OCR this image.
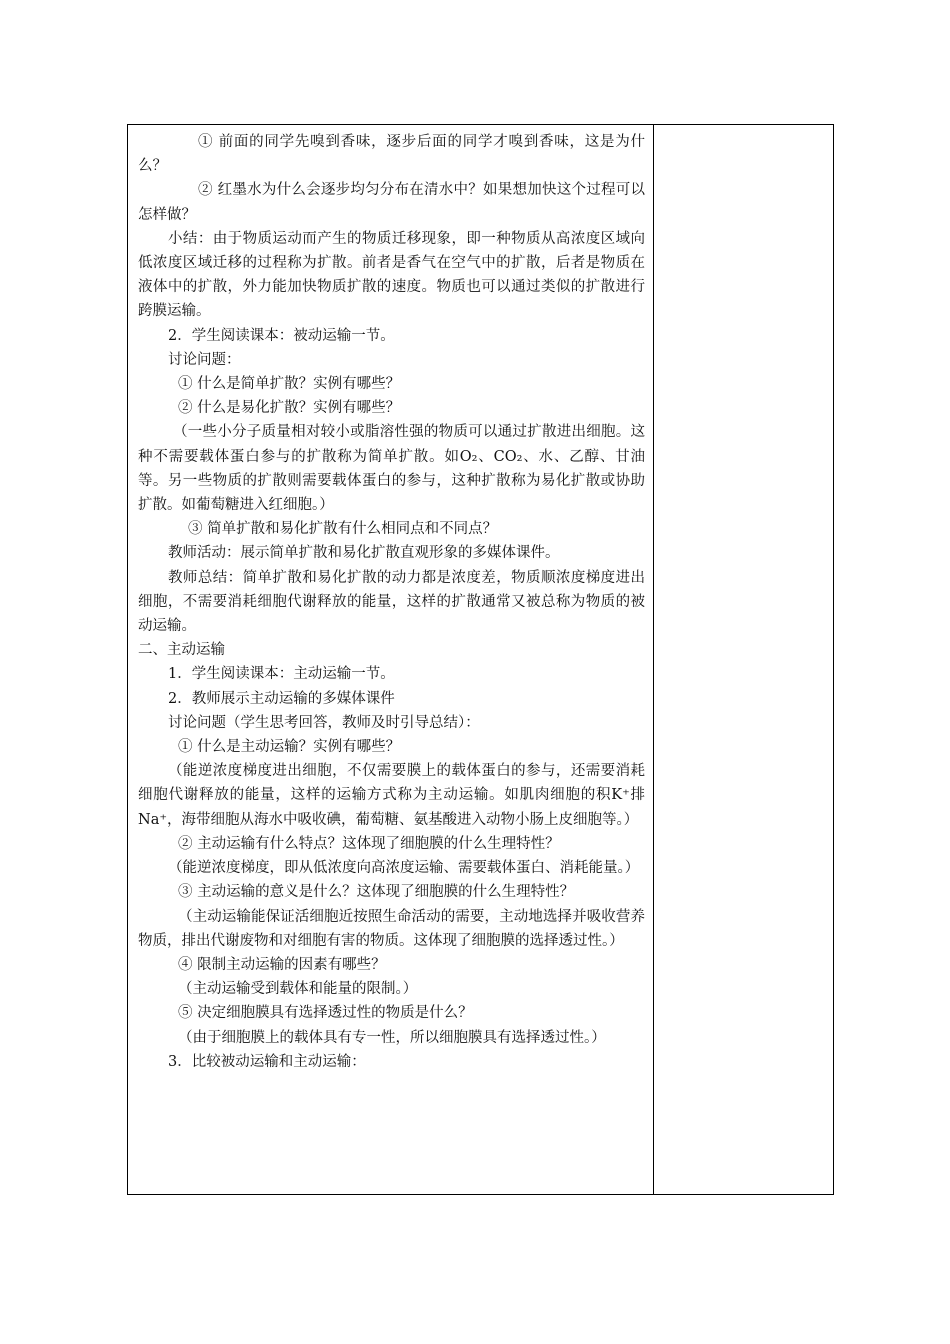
① 前面的同学先嗅到香味，逐步后面的同学才嗅到香味，这是为什么？

② 红墨水为什么会逐步均匀分布在清水中？如果想加快这个过程可以怎样做？

小结：由于物质运动而产生的物质迁移现象，即一种物质从高浓度区域向低浓度区域迁移的过程称为扩散。前者是香气在空气中的扩散，后者是物质在液体中的扩散，外力能加快物质扩散的速度。物质也可以通过类似的扩散进行跨膜运输。

2．学生阅读课本：被动运输一节。

讨论问题：

① 什么是简单扩散？实例有哪些？

② 什么是易化扩散？实例有哪些？

（一些小分子质量相对较小或脂溶性强的物质可以通过扩散进出细胞。这种不需要载体蛋白参与的扩散称为简单扩散。如O₂、CO₂、水、乙醇、甘油等。另一些物质的扩散则需要载体蛋白的参与，这种扩散称为易化扩散或协助扩散。如葡萄糖进入红细胞。）

③ 简单扩散和易化扩散有什么相同点和不同点？

教师活动：展示简单扩散和易化扩散直观形象的多媒体课件。

教师总结：简单扩散和易化扩散的动力都是浓度差，物质顺浓度梯度进出细胞，不需要消耗细胞代谢释放的能量，这样的扩散通常又被总称为物质的被动运输。

二、主动运输

1．学生阅读课本：主动运输一节。

2．教师展示主动运输的多媒体课件

讨论问题（学生思考回答，教师及时引导总结）：

① 什么是主动运输？实例有哪些？

（能逆浓度梯度进出细胞，不仅需要膜上的载体蛋白的参与，还需要消耗细胞代谢释放的能量，这样的运输方式称为主动运输。如肌肉细胞的积K⁺排Na⁺，海带细胞从海水中吸收碘，葡萄糖、氨基酸进入动物小肠上皮细胞等。）

② 主动运输有什么特点？这体现了细胞膜的什么生理特性？

（能逆浓度梯度，即从低浓度向高浓度运输、需要载体蛋白、消耗能量。）

③ 主动运输的意义是什么？这体现了细胞膜的什么生理特性？

（主动运输能保证活细胞近按照生命活动的需要，主动地选择并吸收营养物质，排出代谢废物和对细胞有害的物质。这体现了细胞膜的选择透过性。）

④ 限制主动运输的因素有哪些？

（主动运输受到载体和能量的限制。）

⑤ 决定细胞膜具有选择透过性的物质是什么？

（由于细胞膜上的载体具有专一性，所以细胞膜具有选择透过性。）

3．比较被动运输和主动运输：
